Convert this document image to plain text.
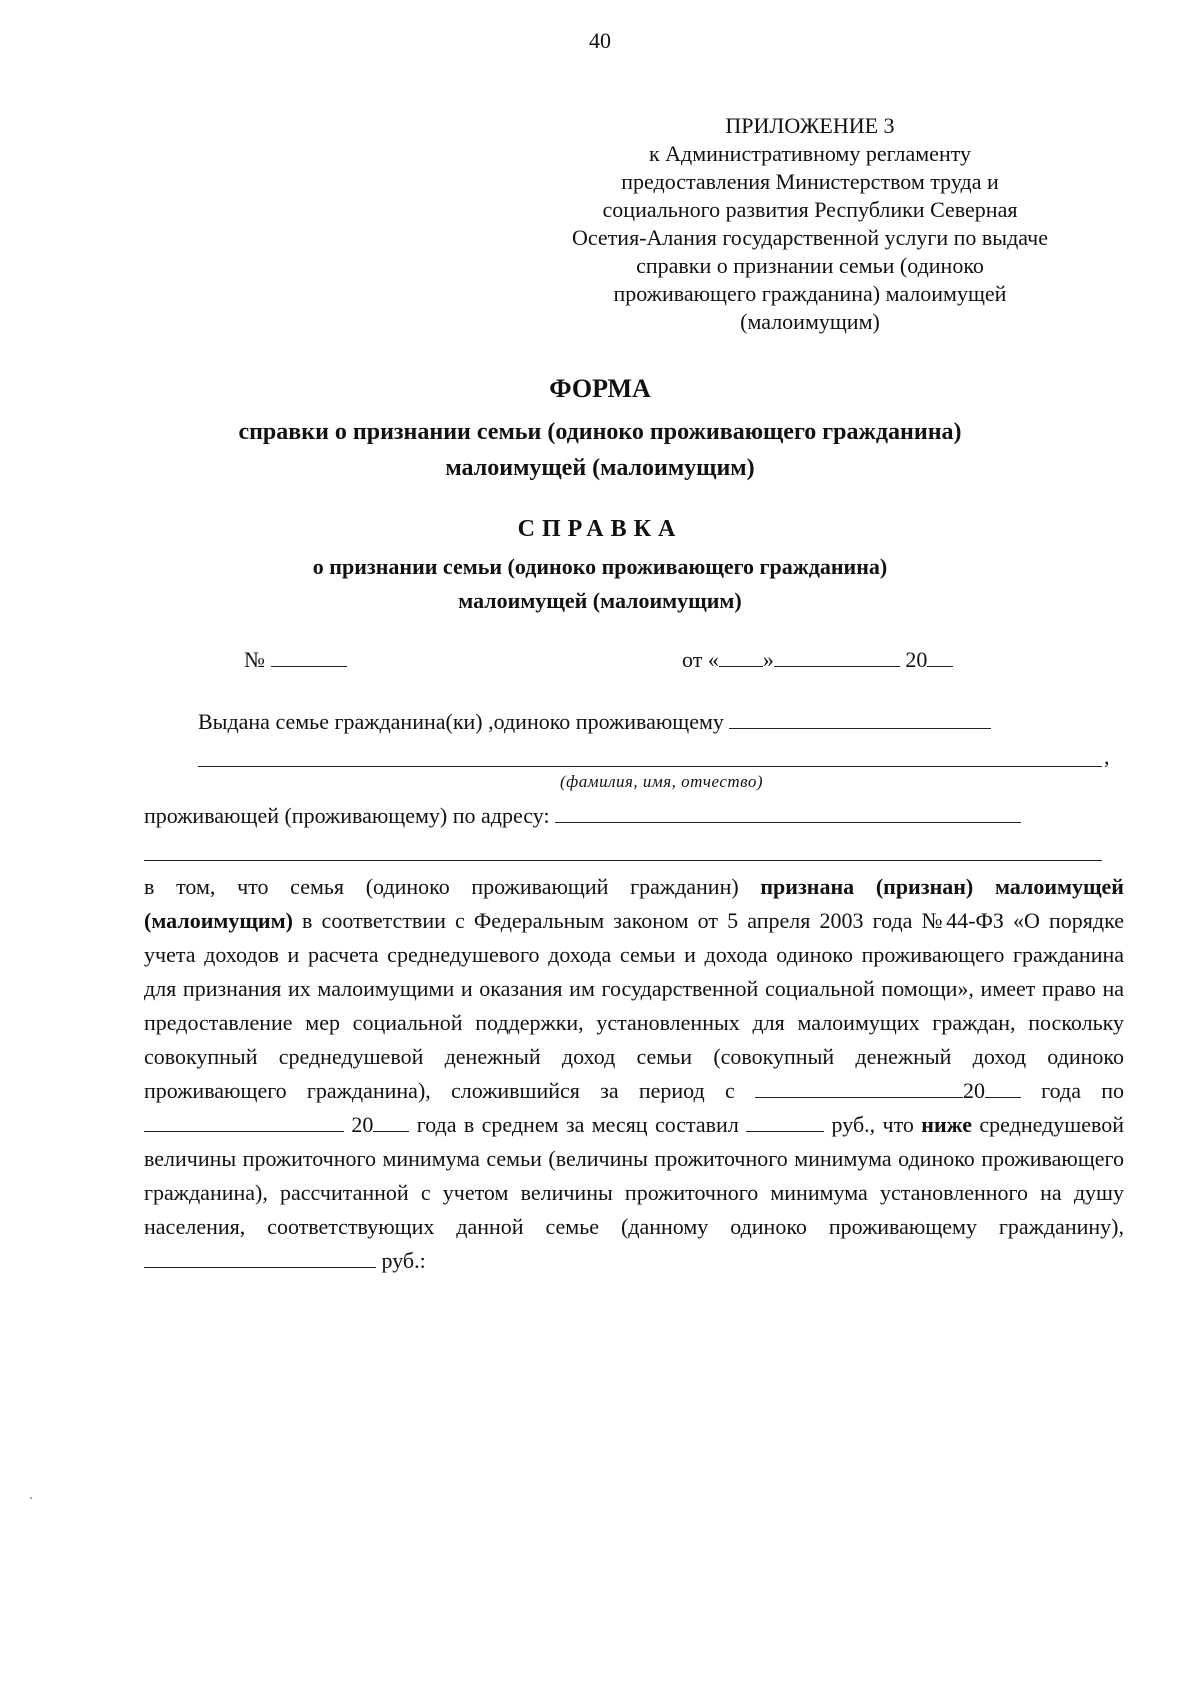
40
ПРИЛОЖЕНИЕ 3
к Административному регламенту
предоставления Министерством труда и
социального развития Республики Северная
Осетия-Алания государственной услуги по выдаче
справки о признании семьи (одиноко
проживающего гражданина) малоимущей
(малоимущим)
ФОРМА
справки о признании семьи (одиноко проживающего гражданина)
малоимущей (малоимущим)
СПРАВКА
о признании семьи (одиноко проживающего гражданина)
малоимущей (малоимущим)
№	от « »	20
Выдана семье гражданина(ки) ,одиноко проживающему
,
(фамилия, имя, отчество)
проживающей (проживающему) по адресу:

в том, что семья (одиноко проживающий гражданин) признана (признан) малоимущей (малоимущим) в соответствии с Федеральным законом от 5 апреля 2003 года №44-ФЗ «О порядке учета доходов и расчета среднедушевого дохода семьи и дохода одиноко проживающего гражданина для признания их малоимущими и оказания им государственной социальной помощи», имеет право на предоставление мер социальной поддержки, установленных для малоимущих граждан, поскольку совокупный среднедушевой денежный доход семьи (совокупный денежный доход одиноко проживающего гражданина), сложившийся за период с	20 года по  20 года в среднем за месяц составил	руб., что ниже среднедушевой величины прожиточного минимума семьи (величины прожиточного минимума одиноко проживающего гражданина), рассчитанной с учетом величины прожиточного минимума установленного на душу населения, соответствующих данной семье (данному одиноко проживающему гражданину),  руб.:
